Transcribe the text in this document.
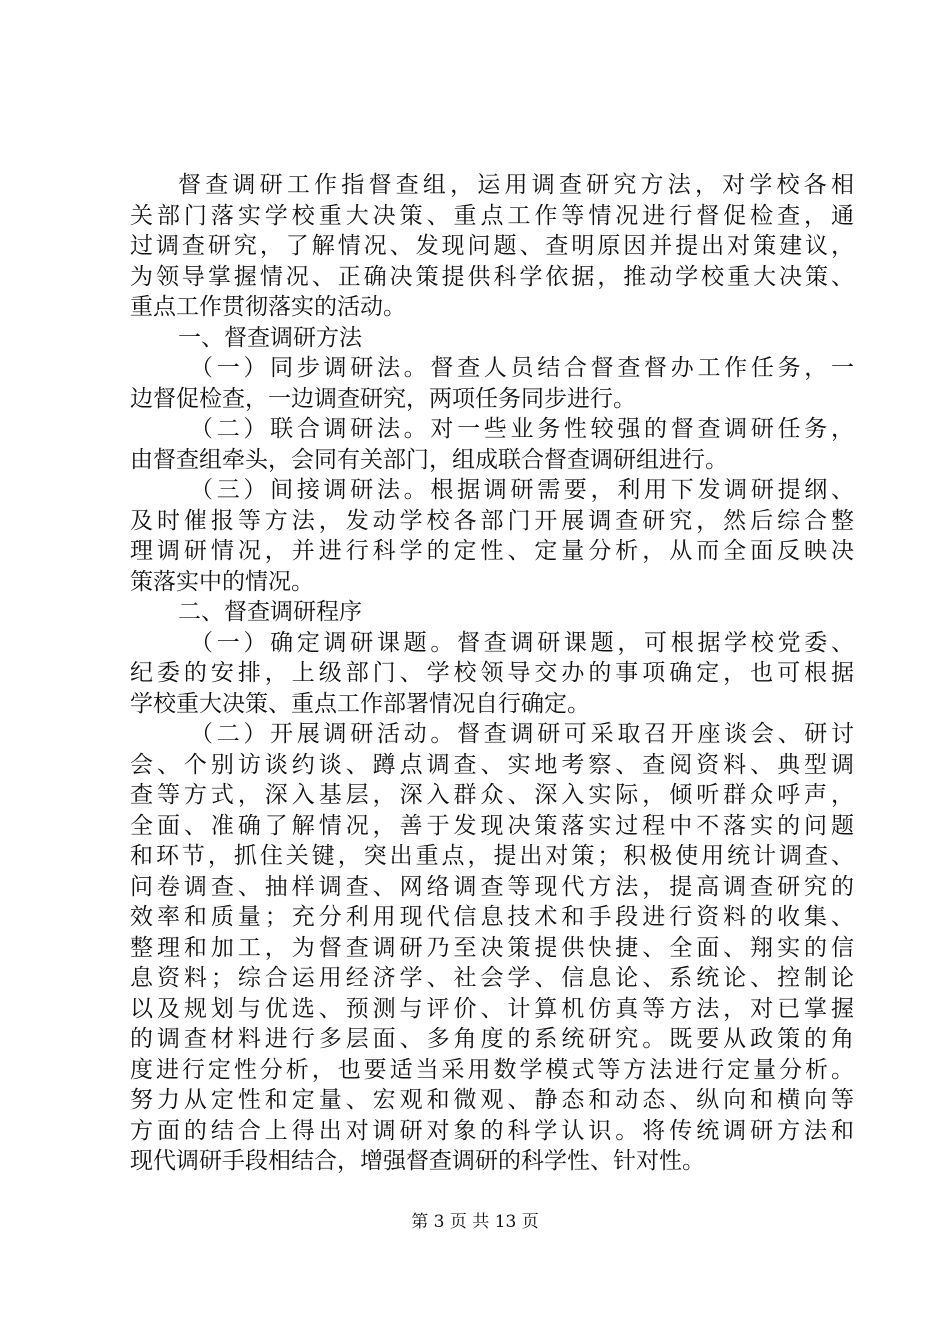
督查调研工作指督查组，运用调查研究方法，对学校各相
关部门落实学校重大决策、重点工作等情况进行督促检查，通
过调查研究，了解情况、发现问题、查明原因并提出对策建议，
为领导掌握情况、正确决策提供科学依据，推动学校重大决策、
重点工作贯彻落实的活动。
一、督查调研方法
（一）同步调研法。督查人员结合督查督办工作任务，一
边督促检查，一边调查研究，两项任务同步进行。
（二）联合调研法。对一些业务性较强的督查调研任务，
由督查组牵头，会同有关部门，组成联合督查调研组进行。
（三）间接调研法。根据调研需要，利用下发调研提纲、
及时催报等方法，发动学校各部门开展调查研究，然后综合整
理调研情况，并进行科学的定性、定量分析，从而全面反映决
策落实中的情况。
二、督查调研程序
（一）确定调研课题。督查调研课题，可根据学校党委、
纪委的安排，上级部门、学校领导交办的事项确定，也可根据
学校重大决策、重点工作部署情况自行确定。
（二）开展调研活动。督查调研可采取召开座谈会、研讨
会、个别访谈约谈、蹲点调查、实地考察、查阅资料、典型调
查等方式，深入基层，深入群众、深入实际，倾听群众呼声，
全面、准确了解情况，善于发现决策落实过程中不落实的问题
和环节，抓住关键，突出重点，提出对策；积极使用统计调查、
问卷调查、抽样调查、网络调查等现代方法，提高调查研究的
效率和质量；充分利用现代信息技术和手段进行资料的收集、
整理和加工，为督查调研乃至决策提供快捷、全面、翔实的信
息资料；综合运用经济学、社会学、信息论、系统论、控制论
以及规划与优选、预测与评价、计算机仿真等方法，对已掌握
的调查材料进行多层面、多角度的系统研究。既要从政策的角
度进行定性分析，也要适当采用数学模式等方法进行定量分析。
努力从定性和定量、宏观和微观、静态和动态、纵向和横向等
方面的结合上得出对调研对象的科学认识。将传统调研方法和
现代调研手段相结合，增强督查调研的科学性、针对性。
第 3 页 共 13 页
